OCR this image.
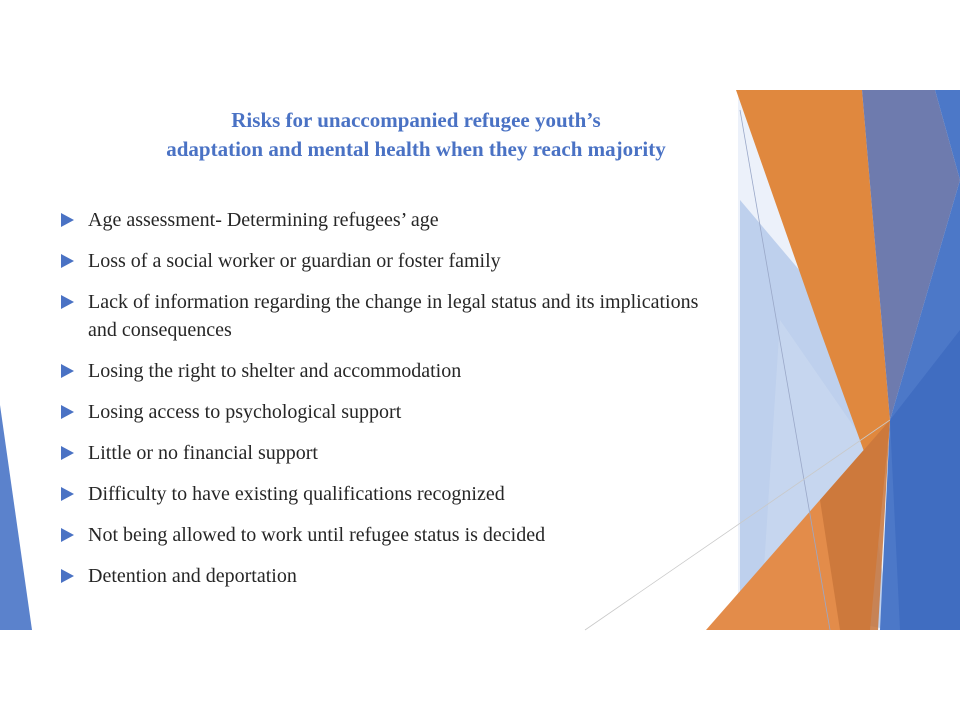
Risks for unaccompanied refugee youth’s
adaptation and mental health when they reach majority
Age assessment- Determining refugees’ age
Loss of a social worker or guardian or foster family
Lack of information regarding the change in legal status and its implications and consequences
Losing the right to shelter and accommodation
Losing access to psychological support
Little or no financial support
Difficulty to have existing qualifications recognized
Not being allowed to work until refugee status is decided
Detention and deportation
